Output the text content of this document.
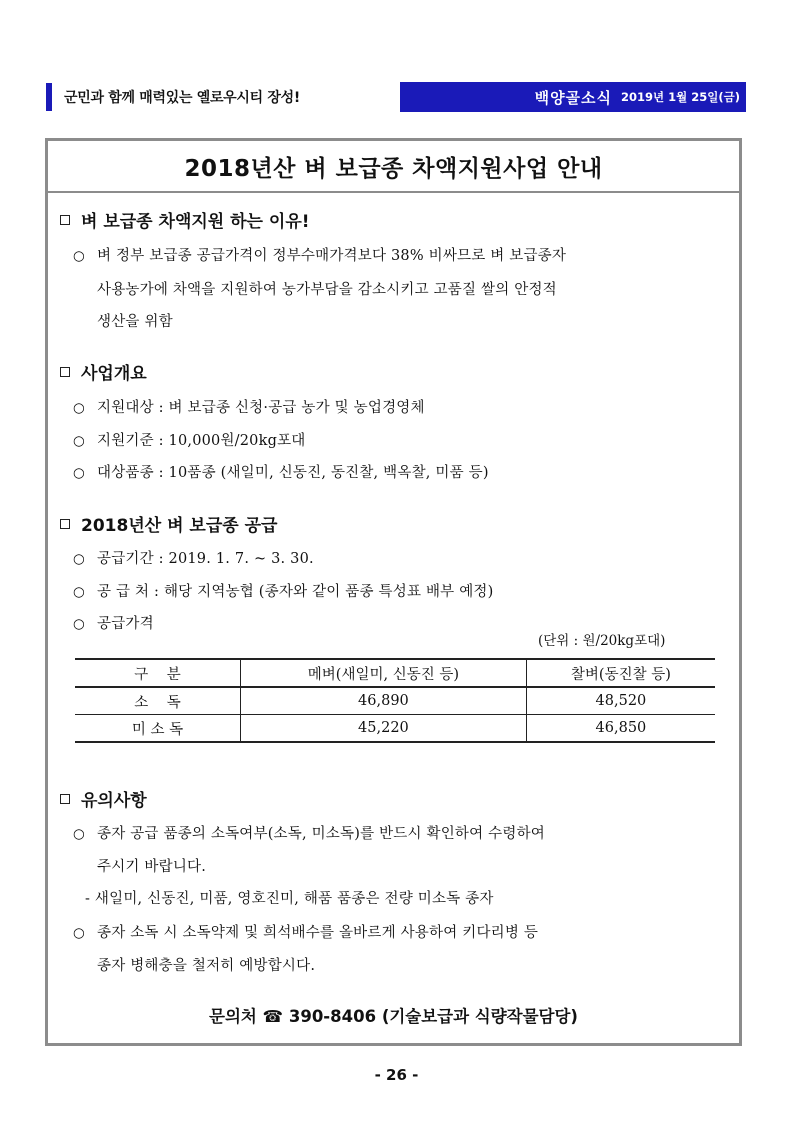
군민과 함께 매력있는 옐로우시티 장성!	백양골소식 2019년 1월 25일(금)
2018년산 벼 보급종 차액지원사업 안내
벼 보급종 차액지원 하는 이유!
○ 벼 정부 보급종 공급가격이 정부수매가격보다 38% 비싸므로 벼 보급종자
사용농가에 차액을 지원하여 농가부담을 감소시키고 고품질 쌀의 안정적
생산을 위함
사업개요
○ 지원대상 : 벼 보급종 신청·공급 농가 및 농업경영체
○ 지원기준 : 10,000원/20kg포대
○ 대상품종 : 10품종 (새일미, 신동진, 동진찰, 백옥찰, 미품 등)
2018년산 벼 보급종 공급
○ 공급기간 : 2019. 1. 7. ~ 3. 30.
○ 공 급 처 : 해당 지역농협 (종자와 같이 품종 특성표 배부 예정)
○ 공급가격
(단위 : 원/20kg포대)
구    분	메벼(새일미, 신동진 등)	찰벼(동진찰 등)
소    독	46,890	48,520
미 소 독	45,220	46,850
유의사항
○ 종자 공급 품종의 소독여부(소독, 미소독)를 반드시 확인하여 수령하여
주시기 바랍니다.
- 새일미, 신동진, 미품, 영호진미, 해품 품종은 전량 미소독 종자
○ 종자 소독 시 소독약제 및 희석배수를 올바르게 사용하여 키다리병 등
종자 병해충을 철저히 예방합시다.
문의처 ☎ 390-8406 (기술보급과 식량작물담당)
- 26 -
